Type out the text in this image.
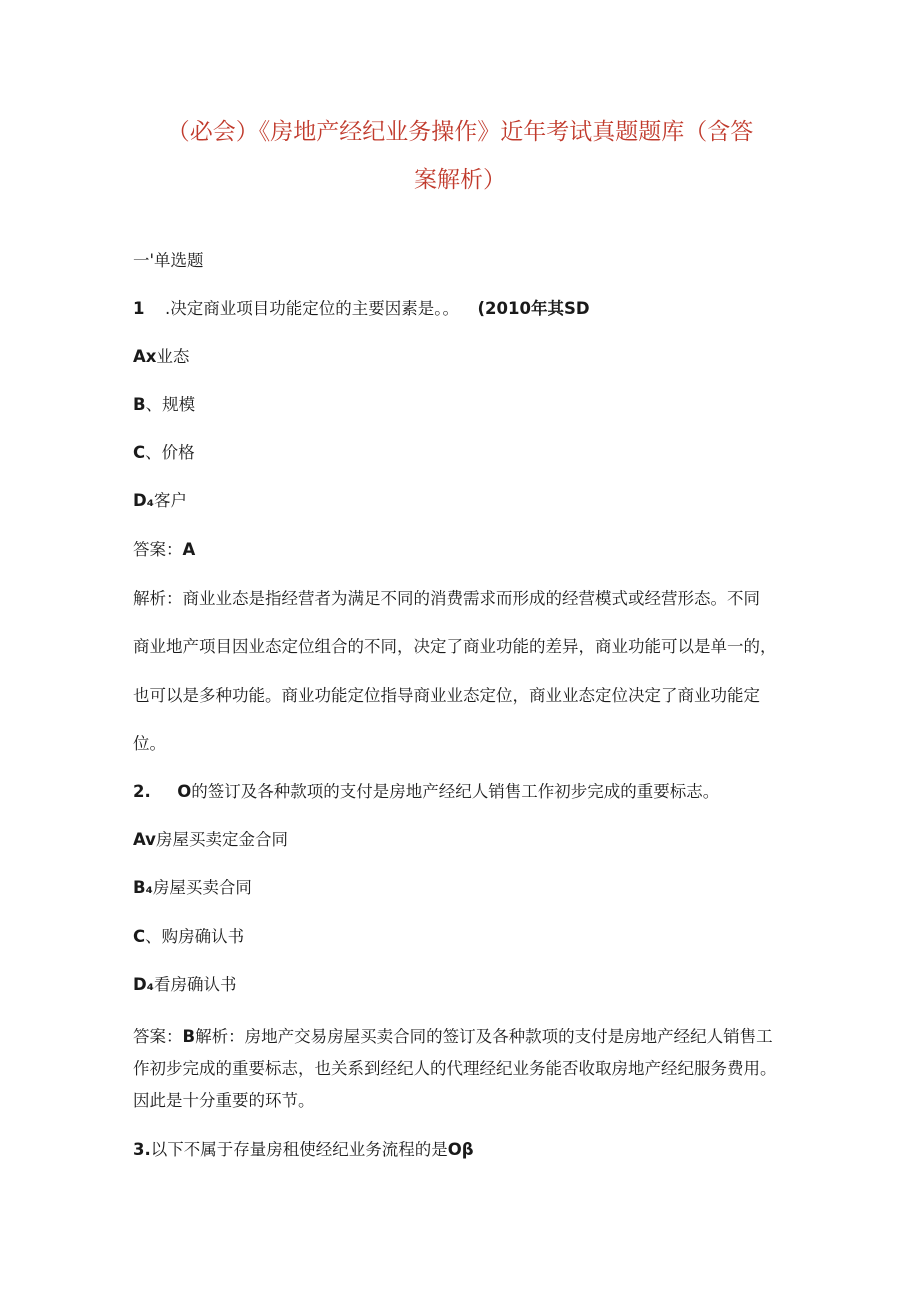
（必会）《房地产经纪业务操作》近年考试真题题库（含答
案解析）
一'单选题
1 .决定商业项目功能定位的主要因素是。。 (2010年其SD
Ax业态
B、规模
C、价格
D₄客户
答案：A
解析：商业业态是指经营者为满足不同的消费需求而形成的经营模式或经营形态。不同
商业地产项目因业态定位组合的不同，决定了商业功能的差异，商业功能可以是单一的，
也可以是多种功能。商业功能定位指导商业业态定位，商业业态定位决定了商业功能定
位。
2. O的签订及各种款项的支付是房地产经纪人销售工作初步完成的重要标志。
Av房屋买卖定金合同
B₄房屋买卖合同
C、购房确认书
D₄看房确认书
答案：B解析：房地产交易房屋买卖合同的签订及各种款项的支付是房地产经纪人销售工
作初步完成的重要标志，也关系到经纪人的代理经纪业务能否收取房地产经纪服务费用。
因此是十分重要的环节。
3.以下不属于存量房租使经纪业务流程的是Oβ
